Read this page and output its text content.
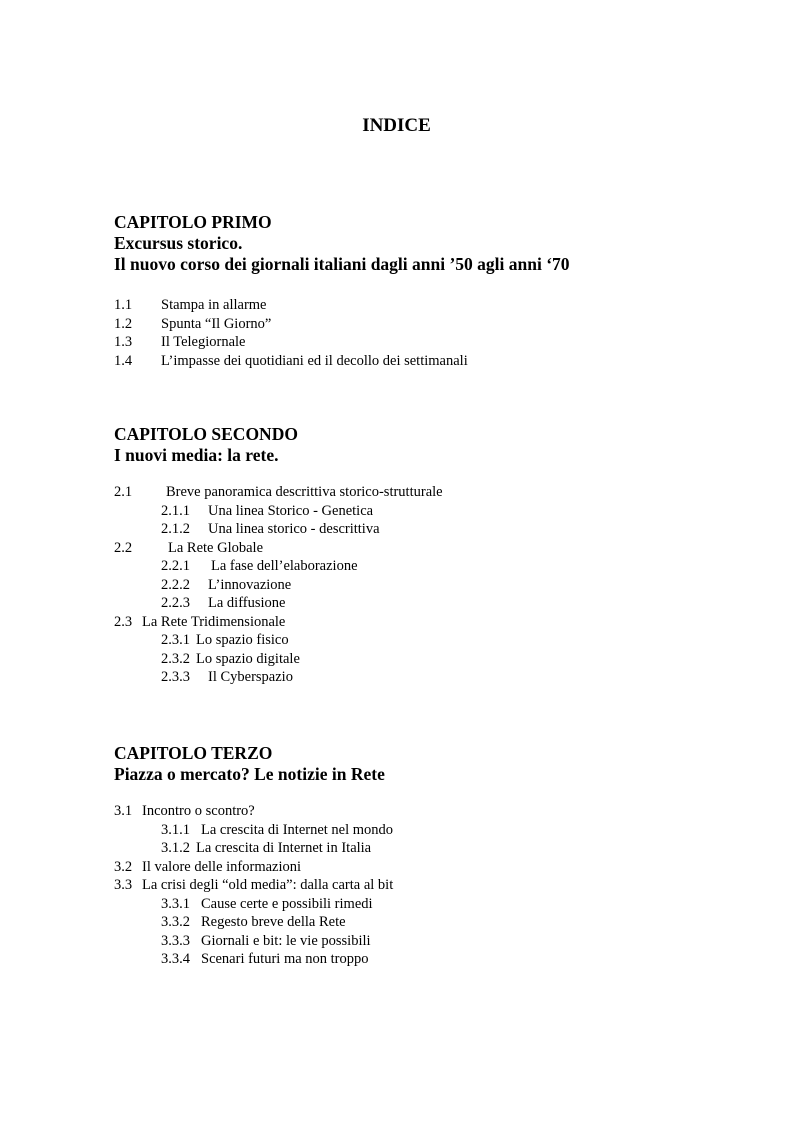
INDICE
CAPITOLO PRIMO
Excursus storico.
Il nuovo corso dei giornali italiani dagli anni ’50 agli anni ‘70
1.1 Stampa in allarme
1.2 Spunta “Il Giorno”
1.3 Il Telegiornale
1.4 L’impasse dei quotidiani ed il decollo dei settimanali
CAPITOLO SECONDO
I nuovi media: la rete.
2.1 Breve panoramica descrittiva storico-strutturale
2.1.1 Una linea Storico - Genetica
2.1.2 Una linea storico - descrittiva
2.2 La Rete Globale
2.2.1 La fase dell’elaborazione
2.2.2 L’innovazione
2.2.3 La diffusione
2.3 La Rete Tridimensionale
2.3.1 Lo spazio fisico
2.3.2 Lo spazio digitale
2.3.3 Il Cyberspazio
CAPITOLO TERZO
Piazza o mercato? Le notizie in Rete
3.1 Incontro o scontro?
3.1.1 La crescita di Internet nel mondo
3.1.2 La crescita di Internet in Italia
3.2 Il valore delle informazioni
3.3 La crisi degli “old media”: dalla carta al bit
3.3.1 Cause certe e possibili rimedi
3.3.2 Regesto breve della Rete
3.3.3 Giornali e bit: le vie possibili
3.3.4 Scenari futuri ma non troppo
